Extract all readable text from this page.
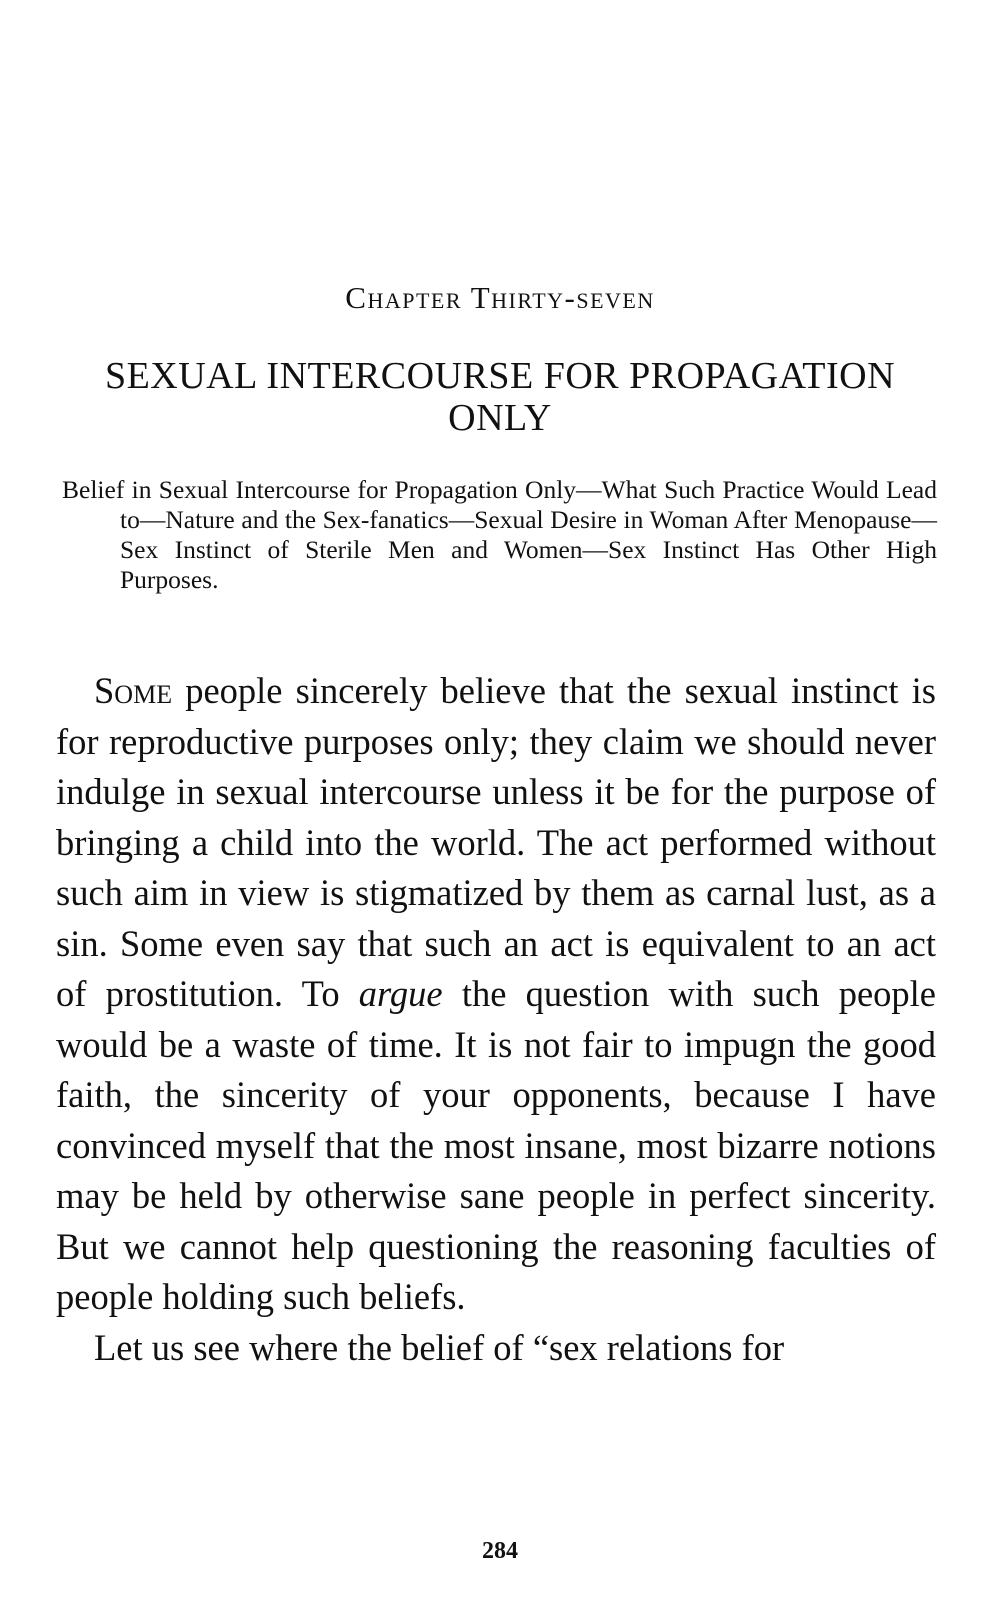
Chapter Thirty-seven
SEXUAL INTERCOURSE FOR PROPAGATION ONLY
Belief in Sexual Intercourse for Propagation Only—What Such Practice Would Lead to—Nature and the Sex-fanatics—Sexual Desire in Woman After Menopause—Sex Instinct of Sterile Men and Women—Sex Instinct Has Other High Purposes.

Some people sincerely believe that the sexual instinct is for reproductive purposes only; they claim we should never indulge in sexual intercourse unless it be for the purpose of bringing a child into the world. The act performed without such aim in view is stigmatized by them as carnal lust, as a sin. Some even say that such an act is equivalent to an act of prostitution. To argue the question with such people would be a waste of time. It is not fair to impugn the good faith, the sincerity of your opponents, because I have convinced myself that the most insane, most bizarre notions may be held by otherwise sane people in perfect sincerity. But we cannot help questioning the reasoning faculties of people holding such beliefs.

Let us see where the belief of “sex relations for

284
